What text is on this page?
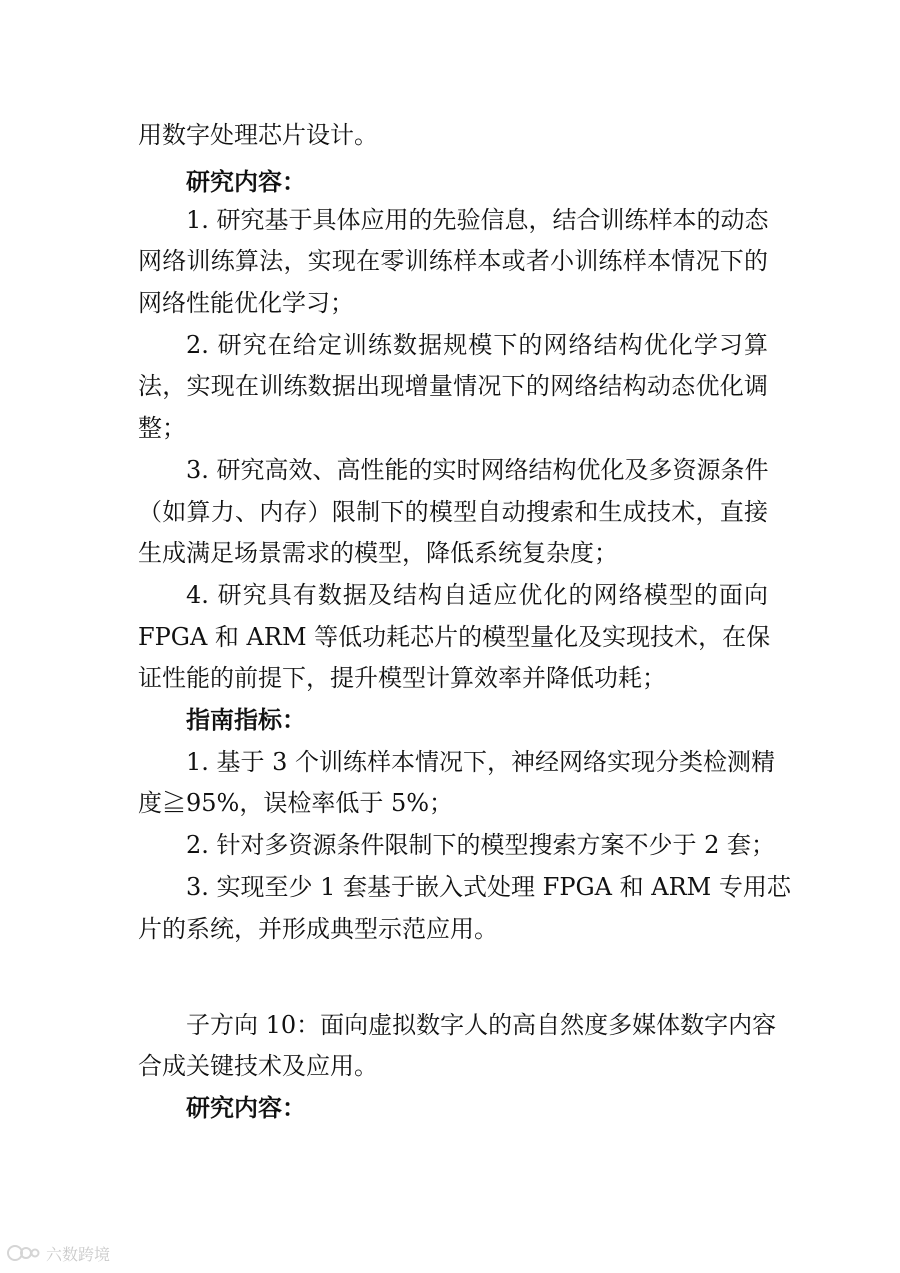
用数字处理芯片设计。
研究内容：
1. 研究基于具体应用的先验信息，结合训练样本的动态
网络训练算法，实现在零训练样本或者小训练样本情况下的
网络性能优化学习；
2. 研究在给定训练数据规模下的网络结构优化学习算
法，实现在训练数据出现增量情况下的网络结构动态优化调
整；
3. 研究高效、高性能的实时网络结构优化及多资源条件
（如算力、内存）限制下的模型自动搜索和生成技术，直接
生成满足场景需求的模型，降低系统复杂度；
4. 研究具有数据及结构自适应优化的网络模型的面向
FPGA 和 ARM 等低功耗芯片的模型量化及实现技术，在保
证性能的前提下，提升模型计算效率并降低功耗；
指南指标：
1. 基于 3 个训练样本情况下，神经网络实现分类检测精
度≧95%，误检率低于 5%；
2. 针对多资源条件限制下的模型搜索方案不少于 2 套；
3. 实现至少 1 套基于嵌入式处理 FPGA 和 ARM 专用芯
片的系统，并形成典型示范应用。
子方向 10：面向虚拟数字人的高自然度多媒体数字内容
合成关键技术及应用。
研究内容：
六数跨境
